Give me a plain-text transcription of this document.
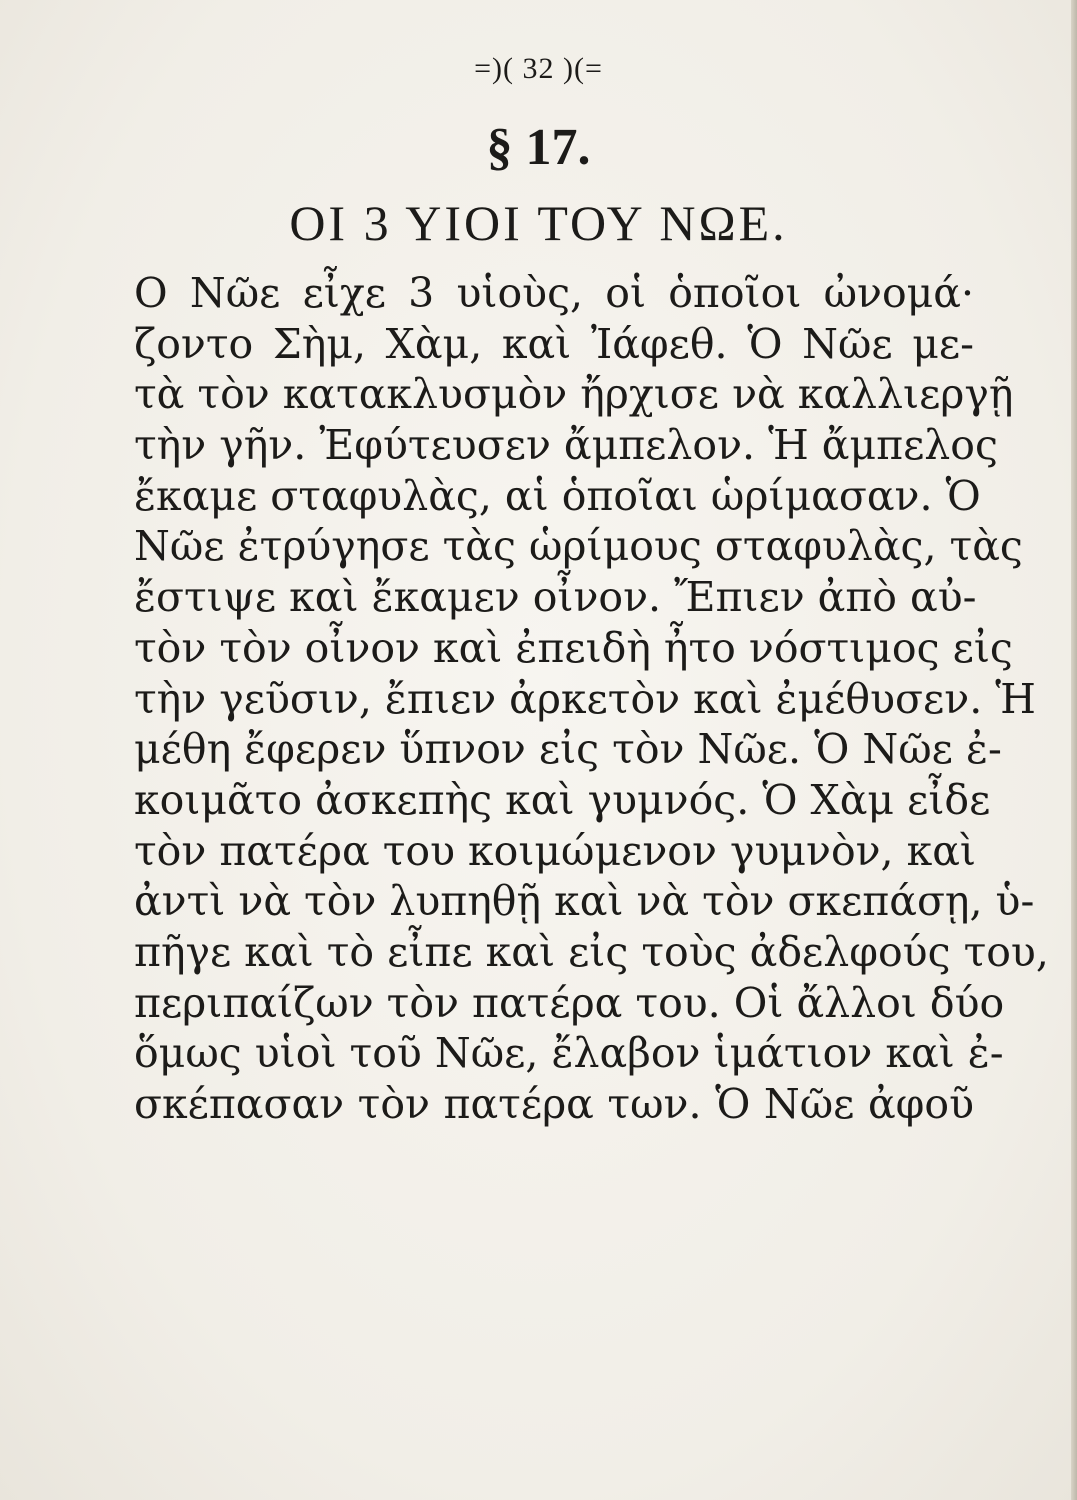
=)( 32 )(=
§ 17.
ΟΙ 3 ΥΙΟΙ ΤΟΥ ΝΩΕ.
Ο Νῶε εἶχε 3 υἱοὺς, οἱ ὁποῖοι ὠνομά·
ζοντο Σὴμ, Χὰμ, καὶ Ἰάφεθ. Ὁ Νῶε με-
τὰ τὸν κατακλυσμὸν ἤρχισε νὰ καλλιεργῇ
τὴν γῆν. Ἐφύτευσεν ἄμπελον. Ἡ ἄμπελος
ἔκαμε σταφυλὰς, αἱ ὁποῖαι ὡρίμασαν. Ὁ
Νῶε ἐτρύγησε τὰς ὡρίμους σταφυλὰς, τὰς
ἔστιψε καὶ ἔκαμεν οἶνον. Ἔπιεν ἀπὸ αὐ-
τὸν τὸν οἶνον καὶ ἐπειδὴ ἦτο νόστιμος εἰς
τὴν γεῦσιν, ἔπιεν ἀρκετὸν καὶ ἐμέθυσεν. Ἡ
μέθη ἔφερεν ὕπνον εἰς τὸν Νῶε. Ὁ Νῶε ἐ-
κοιμᾶτο ἀσκεπὴς καὶ γυμνός. Ὁ Χὰμ εἶδε
τὸν πατέρα του κοιμώμενον γυμνὸν, καὶ
ἀντὶ νὰ τὸν λυπηθῇ καὶ νὰ τὸν σκεπάσῃ, ὑ-
πῆγε καὶ τὸ εἶπε καὶ εἰς τοὺς ἀδελφούς του,
περιπαίζων τὸν πατέρα του. Οἱ ἄλλοι δύο
ὅμως υἱοὶ τοῦ Νῶε, ἔλαβον ἱμάτιον καὶ ἐ-
σκέπασαν τὸν πατέρα των. Ὁ Νῶε ἀφοῦ
